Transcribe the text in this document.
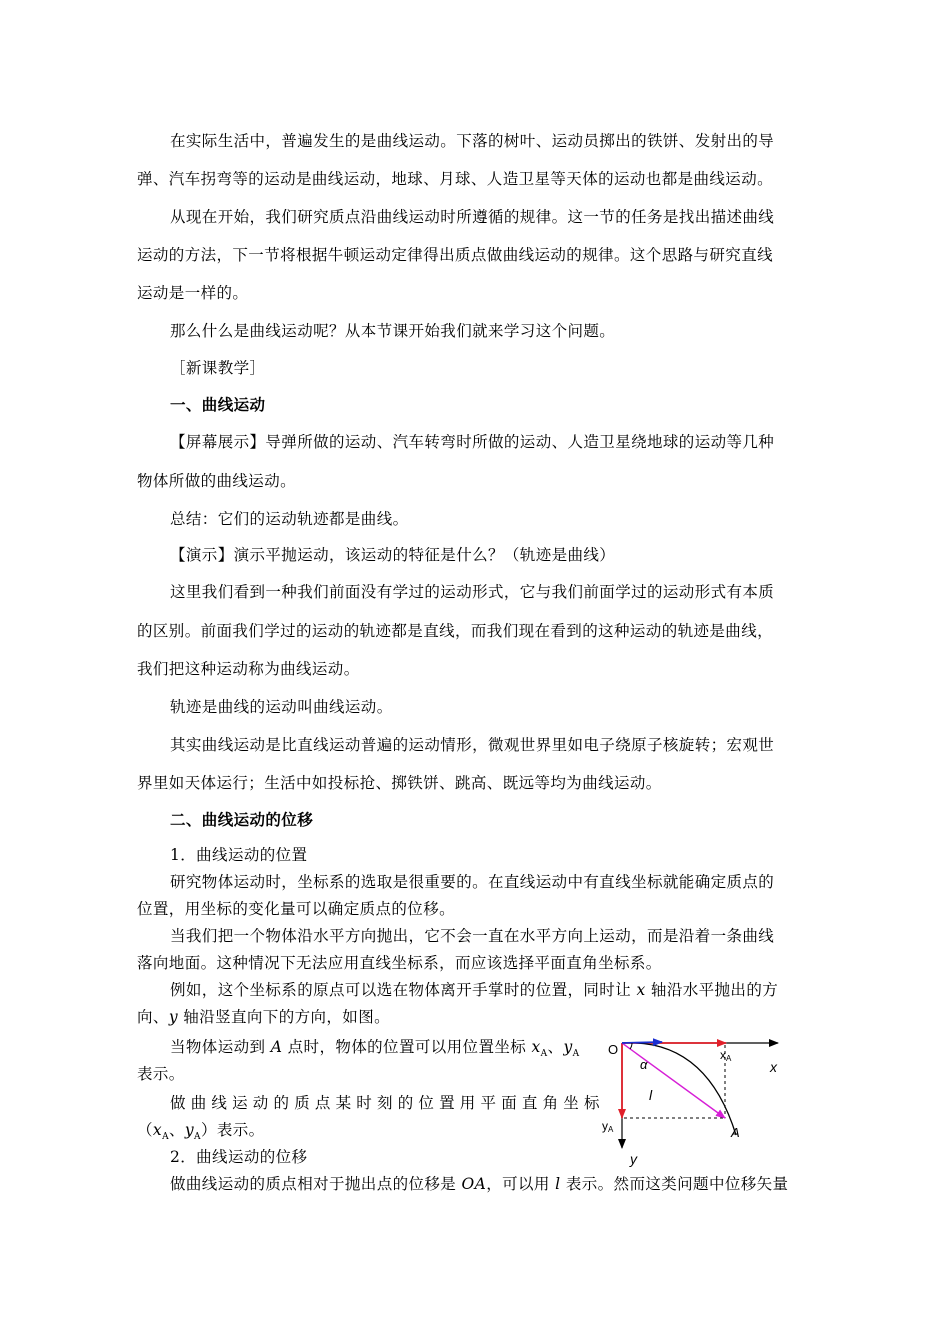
在实际生活中，普遍发生的是曲线运动。下落的树叶、运动员掷出的铁饼、发射出的导
弹、汽车拐弯等的运动是曲线运动，地球、月球、人造卫星等天体的运动也都是曲线运动。
从现在开始，我们研究质点沿曲线运动时所遵循的规律。这一节的任务是找出描述曲线
运动的方法，下一节将根据牛顿运动定律得出质点做曲线运动的规律。这个思路与研究直线
运动是一样的。
那么什么是曲线运动呢？从本节课开始我们就来学习这个问题。
［新课教学］
一、曲线运动
【屏幕展示】导弹所做的运动、汽车转弯时所做的运动、人造卫星绕地球的运动等几种
物体所做的曲线运动。
总结：它们的运动轨迹都是曲线。
【演示】演示平抛运动，该运动的特征是什么？（轨迹是曲线）
这里我们看到一种我们前面没有学过的运动形式，它与我们前面学过的运动形式有本质
的区别。前面我们学过的运动的轨迹都是直线，而我们现在看到的这种运动的轨迹是曲线，
我们把这种运动称为曲线运动。
轨迹是曲线的运动叫曲线运动。
其实曲线运动是比直线运动普遍的运动情形，微观世界里如电子绕原子核旋转；宏观世
界里如天体运行；生活中如投标抢、掷铁饼、跳高、既远等均为曲线运动。
二、曲线运动的位移
1．曲线运动的位置
研究物体运动时，坐标系的选取是很重要的。在直线运动中有直线坐标就能确定质点的
位置，用坐标的变化量可以确定质点的位移。
当我们把一个物体沿水平方向抛出，它不会一直在水平方向上运动，而是沿着一条曲线
落向地面。这种情况下无法应用直线坐标系，而应该选择平面直角坐标系。
例如，这个坐标系的原点可以选在物体离开手掌时的位置，同时让 x 轴沿水平抛出的方
向、y 轴沿竖直向下的方向，如图。
当物体运动到 A 点时，物体的位置可以用位置坐标 $x_A$、$y_A$
表示。
做曲线运动的质点某时刻的位置用平面直角坐标
（$x_A$、$y_A$）表示。
2．曲线运动的位移
做曲线运动的质点相对于抛出点的位移是 OA，可以用 l 表示。然而这类问题中位移矢量
O
x
y
xA
yA
α
l
A
